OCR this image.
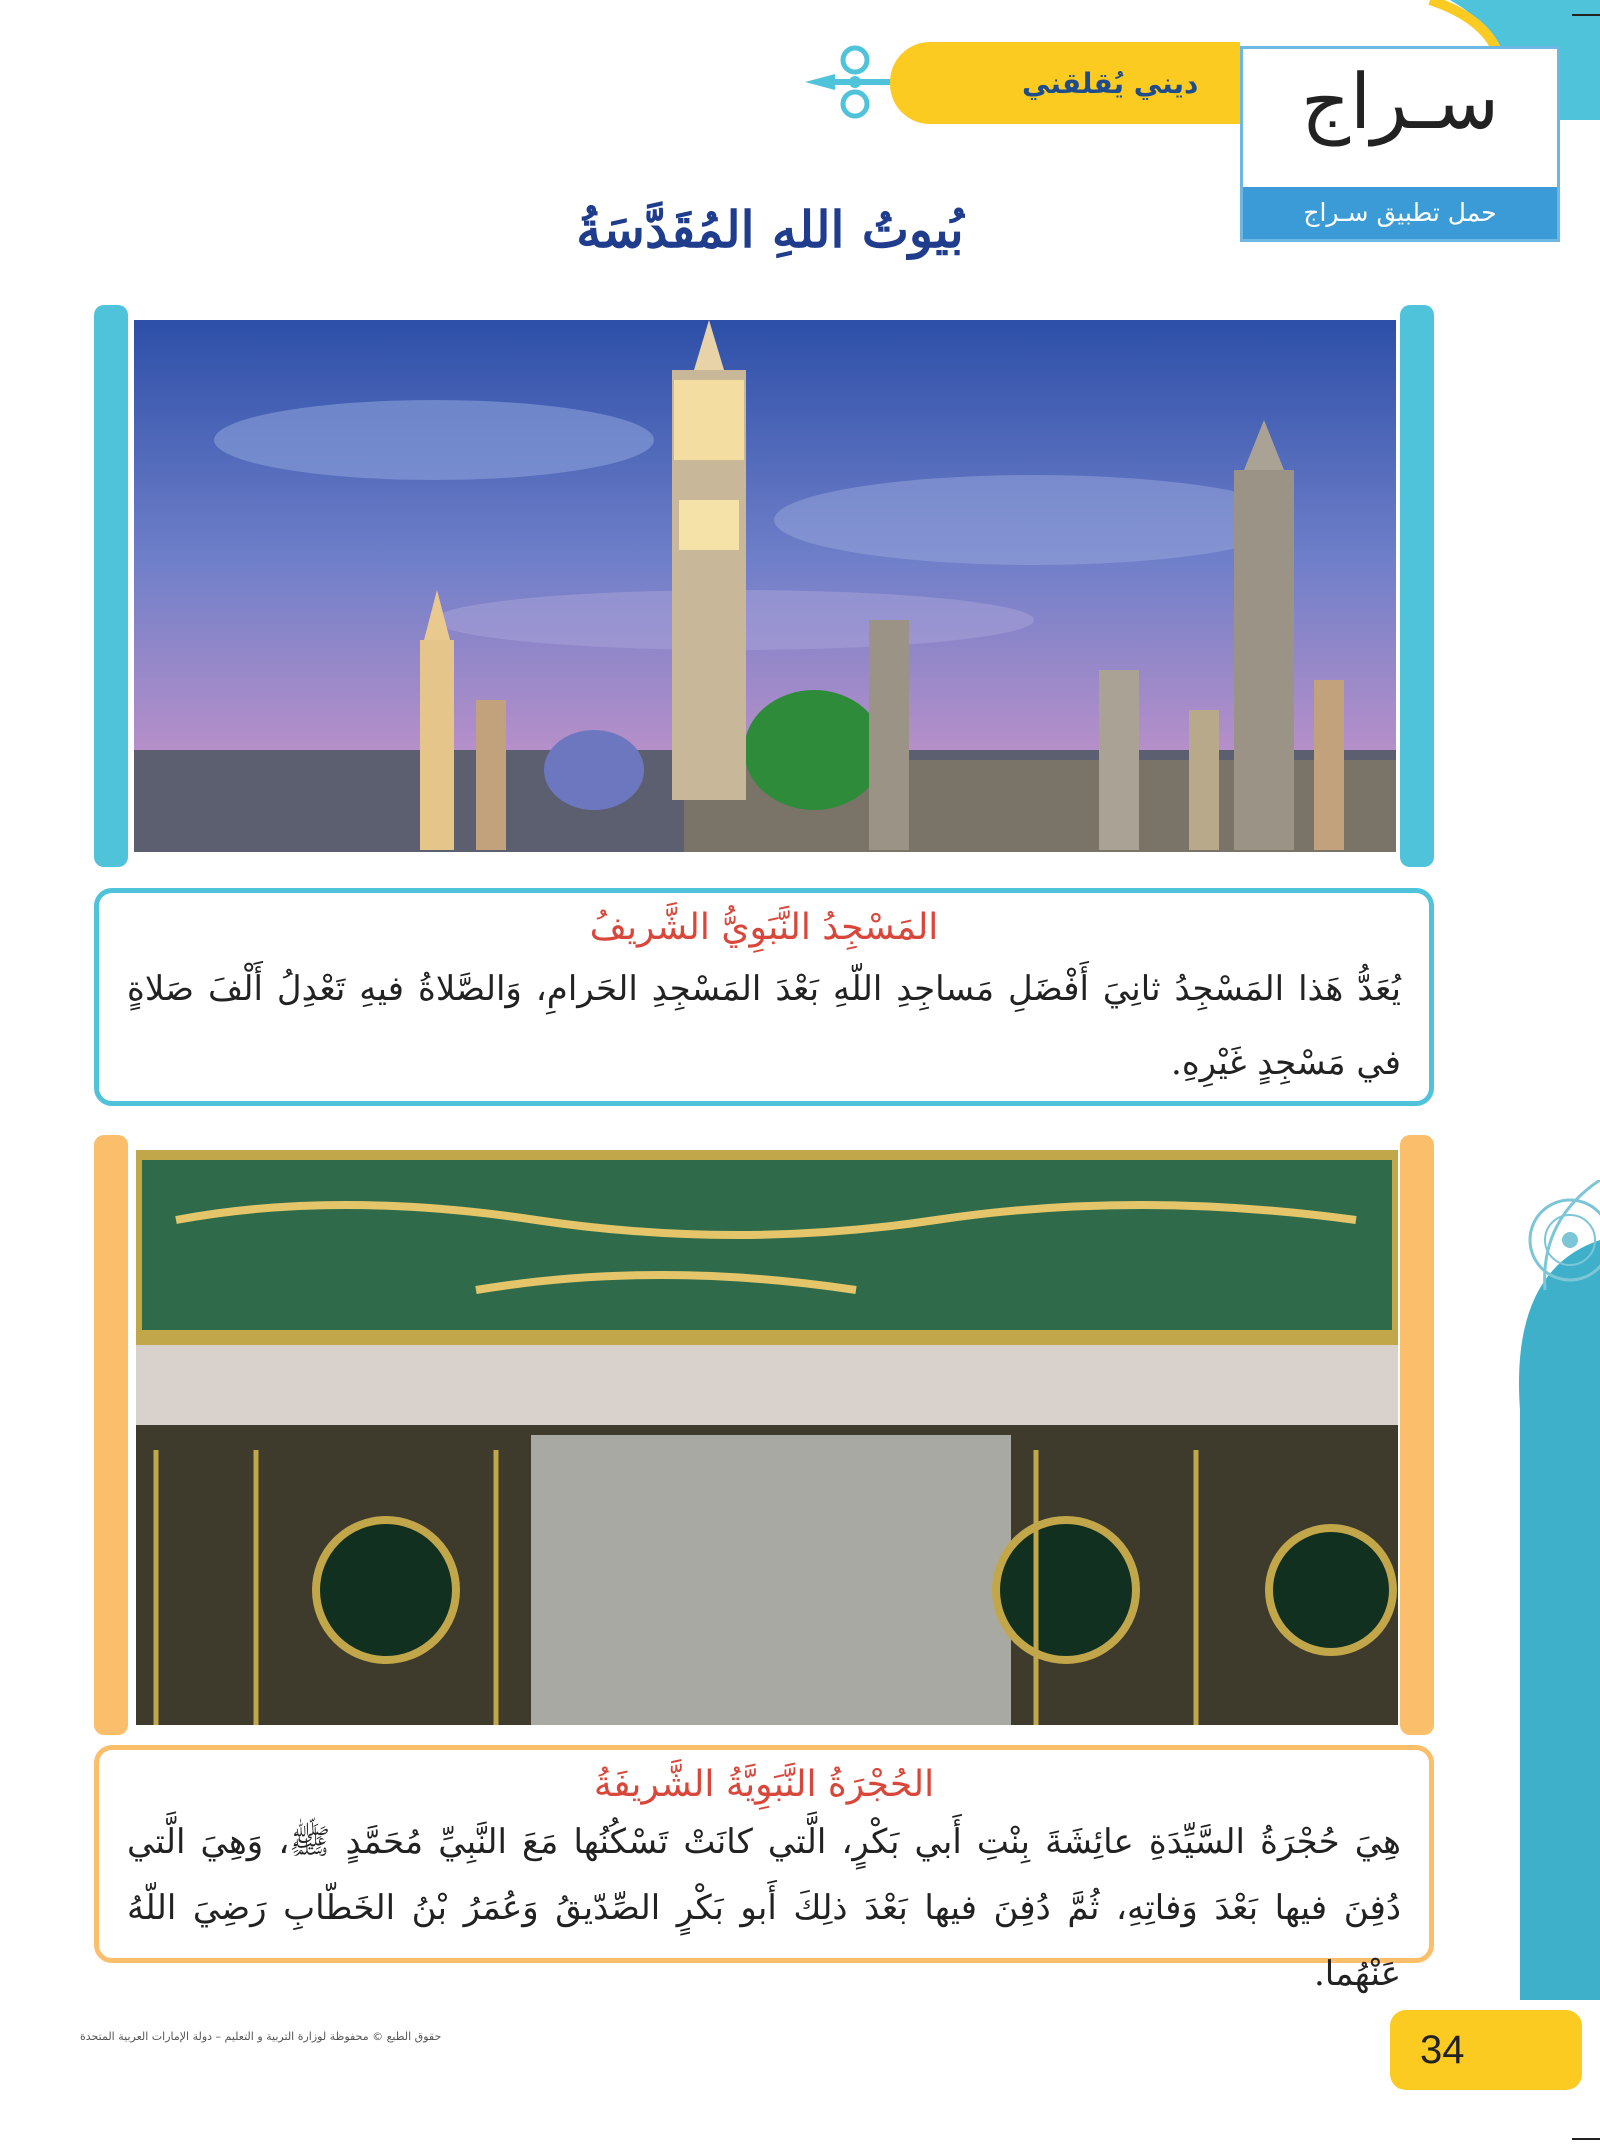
ديني يُقلقني	سـراج
حمل تطبيق سـراج
بُيوتُ اللهِ المُقَدَّسَةُ
المَسْجِدُ النَّبَوِيُّ الشَّريفُ
يُعَدُّ هَذا المَسْجِدُ ثانِيَ أَفْضَلِ مَساجِدِ اللّهِ بَعْدَ المَسْجِدِ الحَرامِ، وَالصَّلاةُ فيهِ تَعْدِلُ أَلْفَ صَلاةٍ في مَسْجِدٍ غَيْرِهِ.
الحُجْرَةُ النَّبَوِيَّةُ الشَّريفَةُ
هِيَ حُجْرَةُ السَّيِّدَةِ عائِشَةَ بِنْتِ أَبي بَكْرٍ، الَّتي كانَتْ تَسْكُنُها مَعَ النَّبِيِّ مُحَمَّدٍ ﷺ، وَهِيَ الَّتي دُفِنَ فيها بَعْدَ وَفاتِهِ، ثُمَّ دُفِنَ فيها بَعْدَ ذلِكَ أَبو بَكْرٍ الصِّدّيقُ وَعُمَرُ بْنُ الخَطّابِ رَضِيَ اللّهُ عَنْهُما.
حقوق الطبع © محفوظة لوزارة التربية و التعليم – دولة الإمارات العربية المتحدة	34
